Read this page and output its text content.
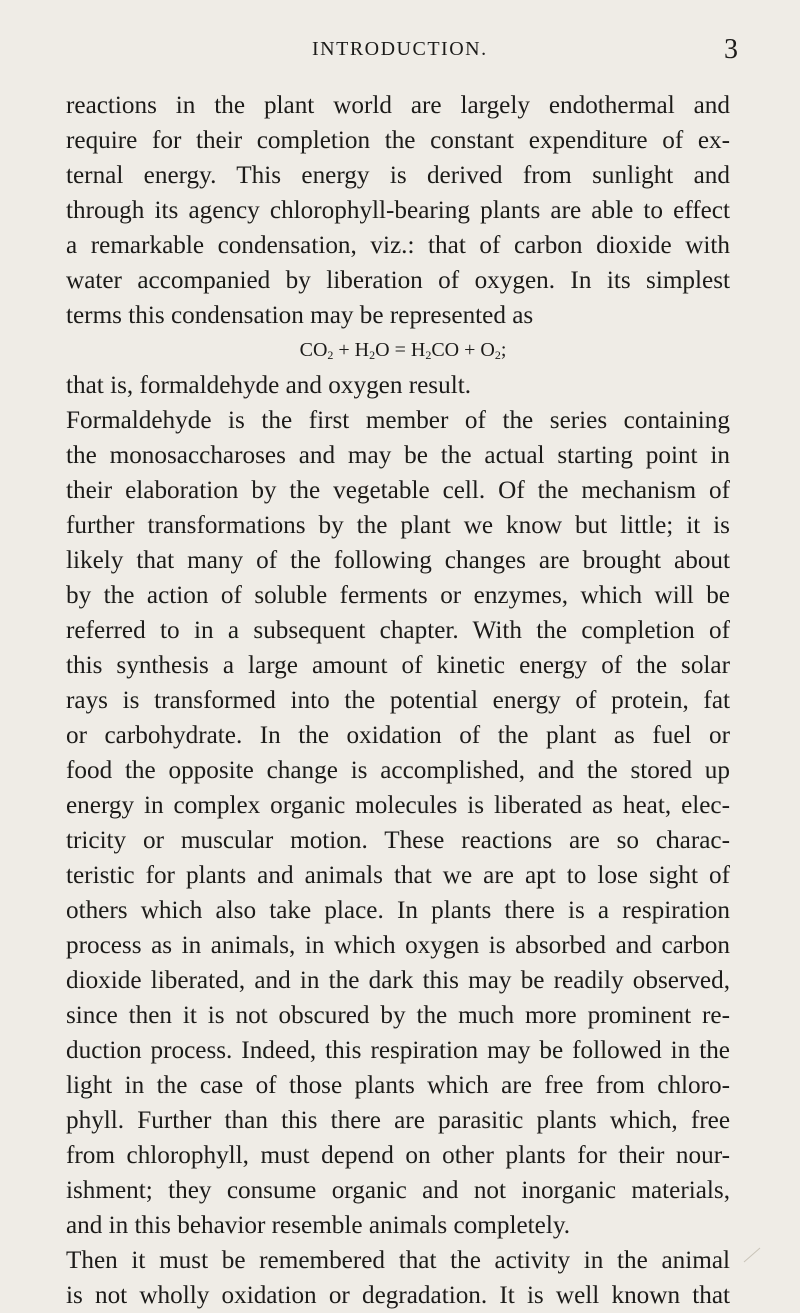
INTRODUCTION.	3
reactions in the plant world are largely endothermal and
require for their completion the constant expenditure of ex-
ternal energy. This energy is derived from sunlight and
through its agency chlorophyll-bearing plants are able to effect
a remarkable condensation, viz.: that of carbon dioxide with
water accompanied by liberation of oxygen. In its simplest
terms this condensation may be represented as
$CO_2 + H_2O = H_2CO + O_2$;
that is, formaldehyde and oxygen result.
Formaldehyde is the first member of the series containing
the monosaccharoses and may be the actual starting point in
their elaboration by the vegetable cell. Of the mechanism of
further transformations by the plant we know but little; it is
likely that many of the following changes are brought about
by the action of soluble ferments or enzymes, which will be
referred to in a subsequent chapter. With the completion of
this synthesis a large amount of kinetic energy of the solar
rays is transformed into the potential energy of protein, fat
or carbohydrate. In the oxidation of the plant as fuel or
food the opposite change is accomplished, and the stored up
energy in complex organic molecules is liberated as heat, elec-
tricity or muscular motion. These reactions are so charac-
teristic for plants and animals that we are apt to lose sight of
others which also take place. In plants there is a respiration
process as in animals, in which oxygen is absorbed and carbon
dioxide liberated, and in the dark this may be readily observed,
since then it is not obscured by the much more prominent re-
duction process. Indeed, this respiration may be followed in the
light in the case of those plants which are free from chloro-
phyll. Further than this there are parasitic plants which, free
from chlorophyll, must depend on other plants for their nour-
ishment; they consume organic and not inorganic materials,
and in this behavior resemble animals completely.
Then it must be remembered that the activity in the animal
is not wholly oxidation or degradation. It is well known that
